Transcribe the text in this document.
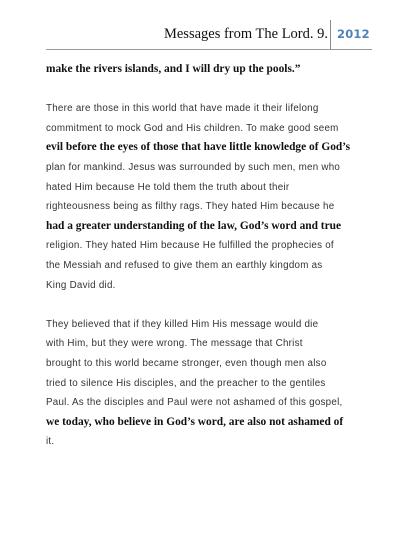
Messages from The Lord. 9. 2012
make the rivers islands, and I will dry up the pools.”
There are those in this world that have made it their lifelong
commitment to mock God and His children. To make good seem
evil before the eyes of those that have little knowledge of God’s
plan for mankind. Jesus was surrounded by such men, men who
hated Him because He told them the truth about their
righteousness being as filthy rags. They hated Him because he
had a greater understanding of the law, God’s word and true
religion. They hated Him because He fulfilled the prophecies of
the Messiah and refused to give them an earthly kingdom as
King David did.
They believed that if they killed Him His message would die
with Him, but they were wrong. The message that Christ
brought to this world became stronger, even though men also
tried to silence His disciples, and the preacher to the gentiles
Paul. As the disciples and Paul were not ashamed of this gospel,
we today, who believe in God’s word, are also not ashamed of
it.
